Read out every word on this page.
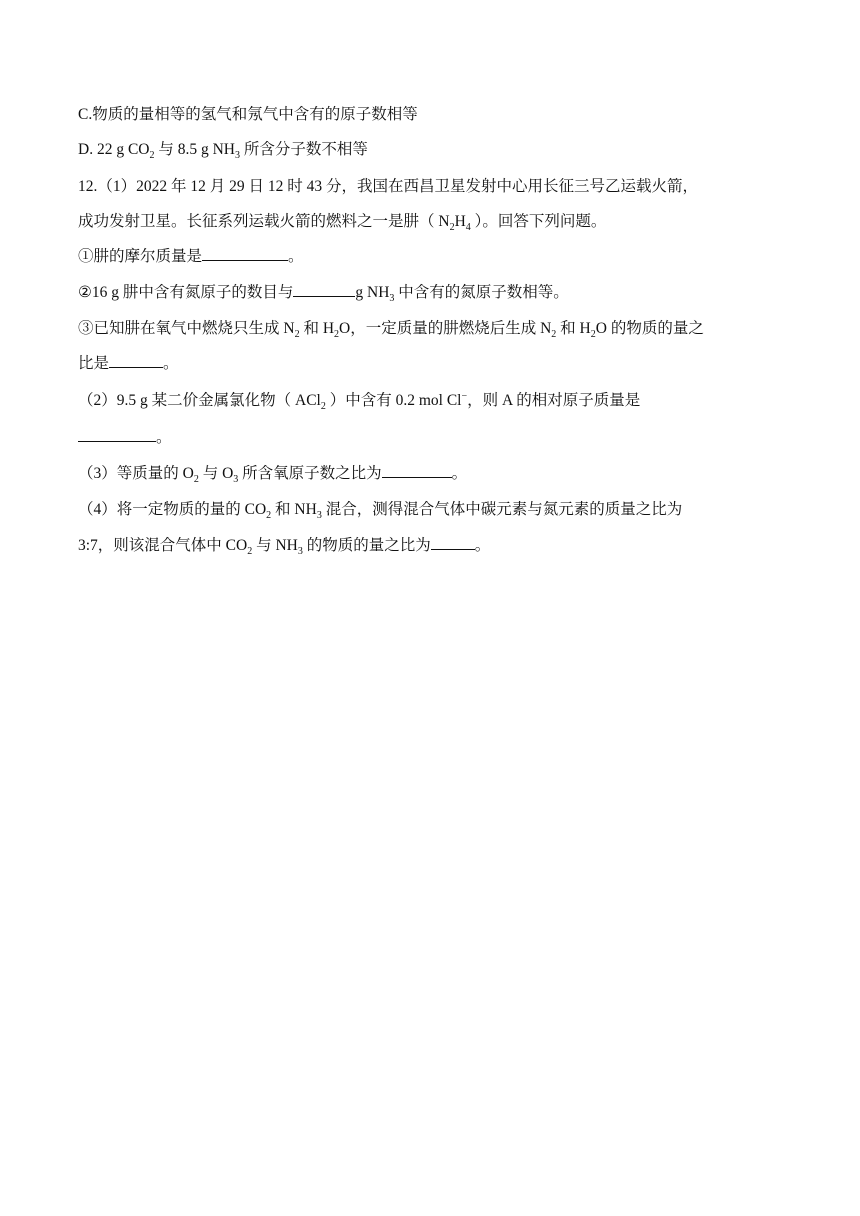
C.物质的量相等的氢气和氖气中含有的原子数相等
D. 22 g $CO_2$ 与 8.5 g $NH_3$ 所含分子数不相等
12.（1）2022 年 12 月 29 日 12 时 43 分，我国在西昌卫星发射中心用长征三号乙运载火箭，
成功发射卫星。长征系列运载火箭的燃料之一是肼（ $N_2H_4$ ）。回答下列问题。
①肼的摩尔质量是	。
②16 g 肼中含有氮原子的数目与	g $NH_3$ 中含有的氮原子数相等。
③已知肼在氧气中燃烧只生成 $N_2$ 和 $H_2O$，一定质量的肼燃烧后生成 $N_2$ 和 $H_2O$ 的物质的量之
比是	。
（2）9.5 g 某二价金属氯化物（ ACl$_2$ ）中含有 0.2 mol Cl−，则 A 的相对原子质量是
。
（3）等质量的 $O_2$ 与 $O_3$ 所含氧原子数之比为	。
（4）将一定物质的量的 $CO_2$ 和 $NH_3$ 混合，测得混合气体中碳元素与氮元素的质量之比为
3:7，则该混合气体中 $CO_2$ 与 $NH_3$ 的物质的量之比为	。
